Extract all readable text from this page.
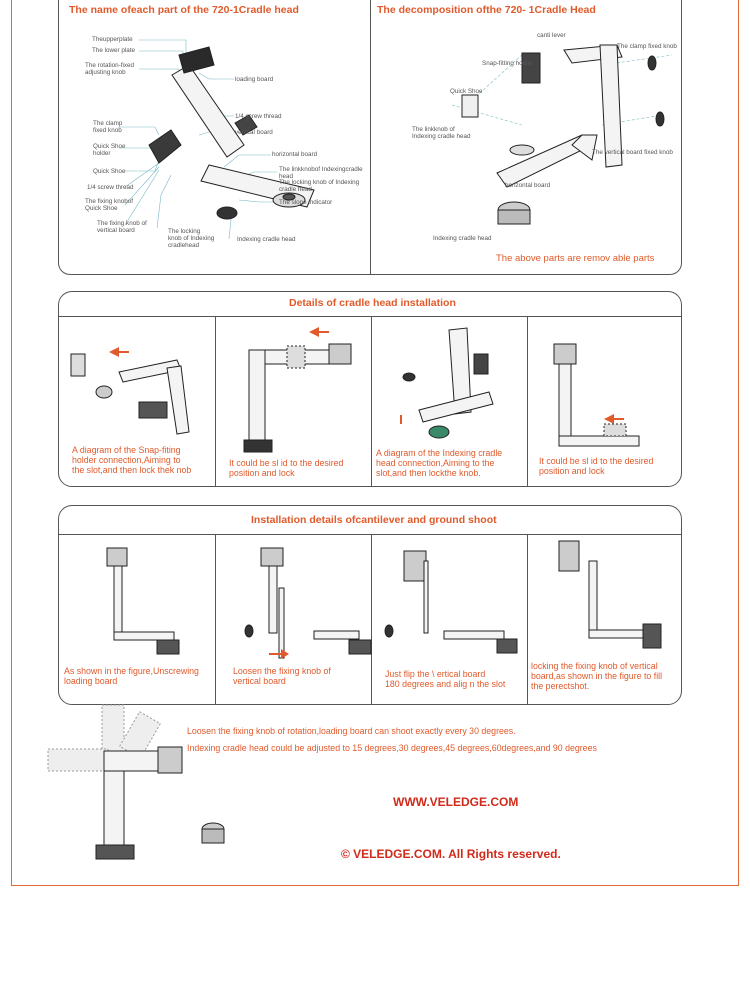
The name ofeach part of the 720-1Cradle head	The decomposition ofthe 720- 1Cradle Head
Theupperplate
The lower plate
The rotation-fixed
adjusting knob
loading board
1/4 screw thread
The clamp
fixed knob	vertical board
Quick Shoe
holder	horizontal board
Quick Shoe	The linkknobof Indexingcradle
head
1/4 screw thread
The locking knob of Indexing
cradle head
The fixing knobof
Quick Shoe
The slope indicator
The fixing knob of
vertical board	The locking
knob of Indexing
cradlehead
Indexing cradle head
canti lever
Snap-fitting holder
The clamp fixed knob
Quick Shoe
The linkknob of
Indexing cradle head
The vertical board fixed knob
horizontal board
Indexing cradle head
The above parts are remov able parts
Details of cradle head installation
A diagram of the Snap-fiting
holder connection,Aiming to
the slot,and then lock thek nob
It could be sl id to the desired
position and lock
A diagram of the Indexing cradle
head connection,Aiming to the
slot,and then lockthe knob.
It could be sl id to the desired
position and lock
Installation details ofcantilever and ground shoot
As shown in the figure,Unscrewing
loading board
Loosen the fixing knob of
vertical board
Just flip the \ ertical board
180 degrees and alig n the slot
locking the fixing knob of vertical
board,as shown in the figure to fill
the perectshot.
Loosen the fixing knob of rotation,loading board can shoot exactly every 30 degrees.
Indexing cradle head could be adjusted to 15 degrees,30 degrees,45 degrees,60degrees,and 90 degrees
WWW.VELEDGE.COM
© VELEDGE.COM. All Rights reserved.
